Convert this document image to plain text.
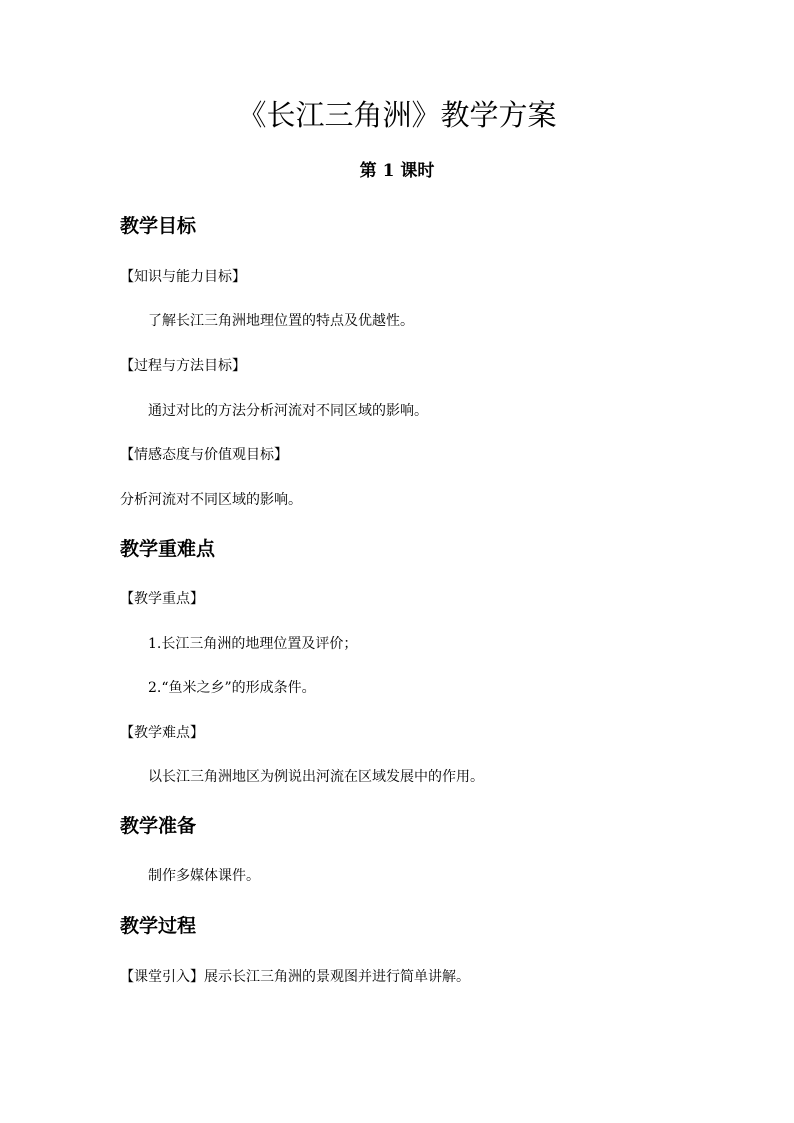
《长江三角洲》教学方案
第 1 课时
教学目标
【知识与能力目标】
了解长江三角洲地理位置的特点及优越性。
【过程与方法目标】
通过对比的方法分析河流对不同区域的影响。
【情感态度与价值观目标】
分析河流对不同区域的影响。
教学重难点
【教学重点】
1.长江三角洲的地理位置及评价；
2.“鱼米之乡”的形成条件。
【教学难点】
以长江三角洲地区为例说出河流在区域发展中的作用。
教学准备
制作多媒体课件。
教学过程
【课堂引入】展示长江三角洲的景观图并进行简单讲解。
